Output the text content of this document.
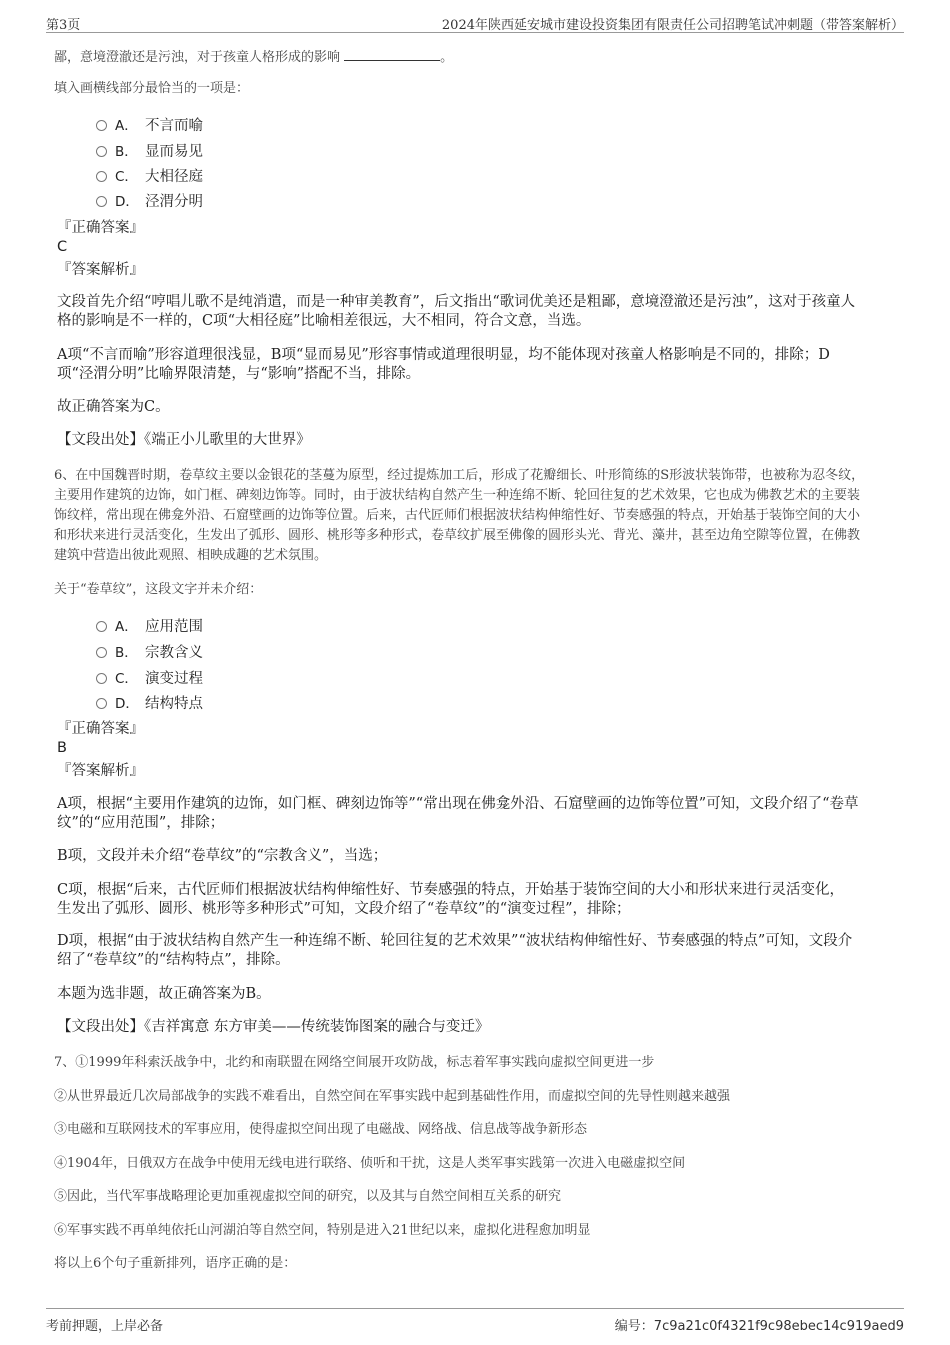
第3页	2024年陕西延安城市建设投资集团有限责任公司招聘笔试冲刺题（带答案解析）
鄙，意境澄澈还是污浊，对于孩童人格形成的影响	。
填入画横线部分最恰当的一项是：
A． 不言而喻
B． 显而易见
C． 大相径庭
D． 泾渭分明
『正确答案』
C
『答案解析』
文段首先介绍“哼唱儿歌不是纯消遣，而是一种审美教育”，后文指出“歌词优美还是粗鄙，意境澄澈还是污浊”，这对于孩童人
格的影响是不一样的，C项“大相径庭”比喻相差很远，大不相同，符合文意，当选。
A项“不言而喻”形容道理很浅显，B项“显而易见”形容事情或道理很明显，均不能体现对孩童人格影响是不同的，排除；D
项“泾渭分明”比喻界限清楚，与“影响”搭配不当，排除。
故正确答案为C。
【文段出处】《端正小儿歌里的大世界》
6、在中国魏晋时期，卷草纹主要以金银花的茎蔓为原型，经过提炼加工后，形成了花瓣细长、叶形简练的S形波状装饰带，也被称为忍冬纹，
主要用作建筑的边饰，如门框、碑刻边饰等。同时，由于波状结构自然产生一种连绵不断、轮回往复的艺术效果，它也成为佛教艺术的主要装
饰纹样，常出现在佛龛外沿、石窟壁画的边饰等位置。后来，古代匠师们根据波状结构伸缩性好、节奏感强的特点，开始基于装饰空间的大小
和形状来进行灵活变化，生发出了弧形、圆形、桃形等多种形式，卷草纹扩展至佛像的圆形头光、背光、藻井，甚至边角空隙等位置，在佛教
建筑中营造出彼此观照、相映成趣的艺术氛围。
关于“卷草纹”，这段文字并未介绍：
A． 应用范围
B． 宗教含义
C． 演变过程
D． 结构特点
『正确答案』
B
『答案解析』
A项，根据“主要用作建筑的边饰，如门框、碑刻边饰等”“常出现在佛龛外沿、石窟壁画的边饰等位置”可知，文段介绍了“卷草
纹”的“应用范围”，排除；
B项，文段并未介绍“卷草纹”的“宗教含义”，当选；
C项，根据“后来，古代匠师们根据波状结构伸缩性好、节奏感强的特点，开始基于装饰空间的大小和形状来进行灵活变化，
生发出了弧形、圆形、桃形等多种形式”可知，文段介绍了“卷草纹”的“演变过程”，排除；
D项，根据“由于波状结构自然产生一种连绵不断、轮回往复的艺术效果”“波状结构伸缩性好、节奏感强的特点”可知，文段介
绍了“卷草纹”的“结构特点”，排除。
本题为选非题，故正确答案为B。
【文段出处】《吉祥寓意 东方审美——传统装饰图案的融合与变迁》
7、①1999年科索沃战争中，北约和南联盟在网络空间展开攻防战，标志着军事实践向虚拟空间更进一步
②从世界最近几次局部战争的实践不难看出，自然空间在军事实践中起到基础性作用，而虚拟空间的先导性则越来越强
③电磁和互联网技术的军事应用，使得虚拟空间出现了电磁战、网络战、信息战等战争新形态
④1904年，日俄双方在战争中使用无线电进行联络、侦听和干扰，这是人类军事实践第一次进入电磁虚拟空间
⑤因此，当代军事战略理论更加重视虚拟空间的研究，以及其与自然空间相互关系的研究
⑥军事实践不再单纯依托山河湖泊等自然空间，特别是进入21世纪以来，虚拟化进程愈加明显
将以上6个句子重新排列，语序正确的是：
考前押题，上岸必备	编号：7c9a21c0f4321f9c98ebec14c919aed9
